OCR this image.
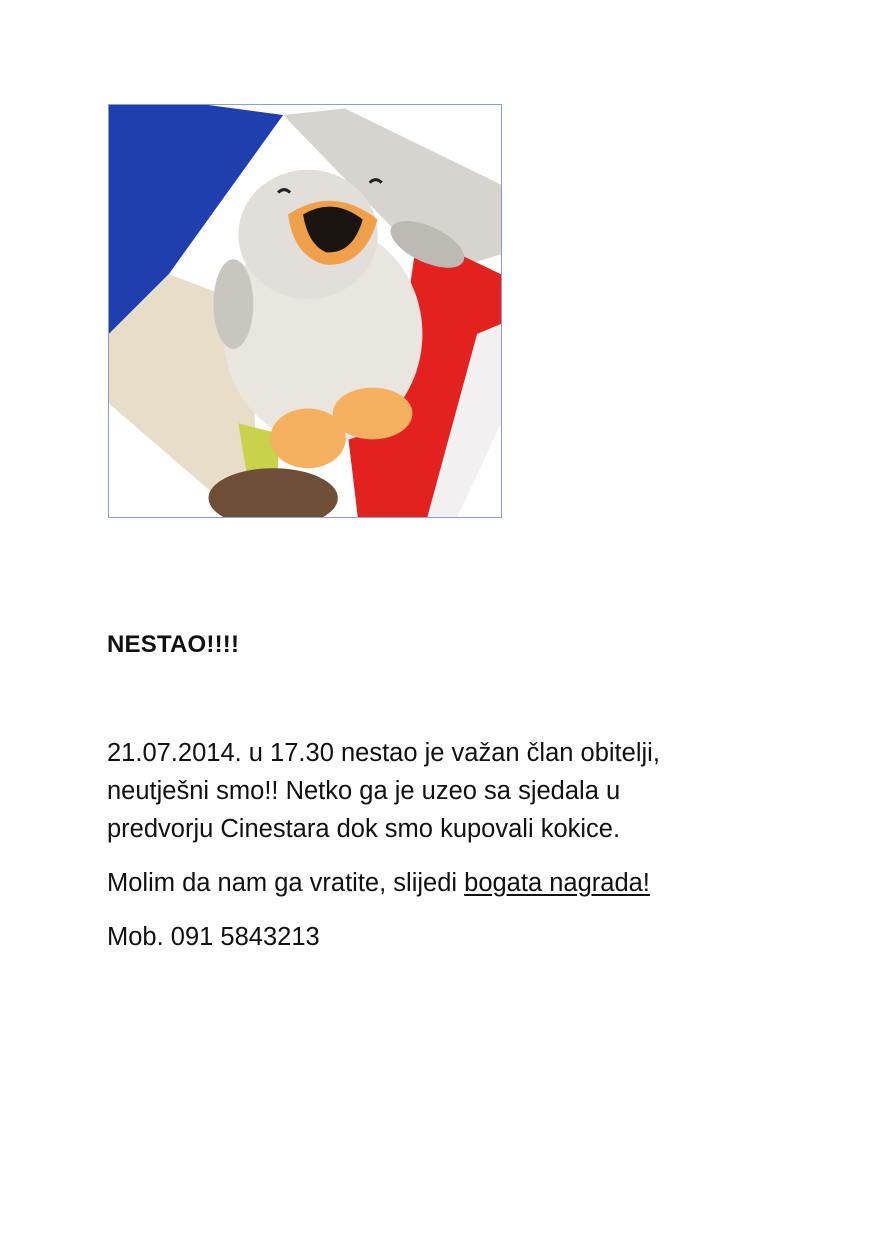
NESTAO!!!!

21.07.2014. u 17.30 nestao je važan član obitelji,
neutješni smo!! Netko ga je uzeo sa sjedala u
predvorju Cinestara dok smo kupovali kokice.

Molim da nam ga vratite, slijedi bogata nagrada!

Mob. 091 5843213
